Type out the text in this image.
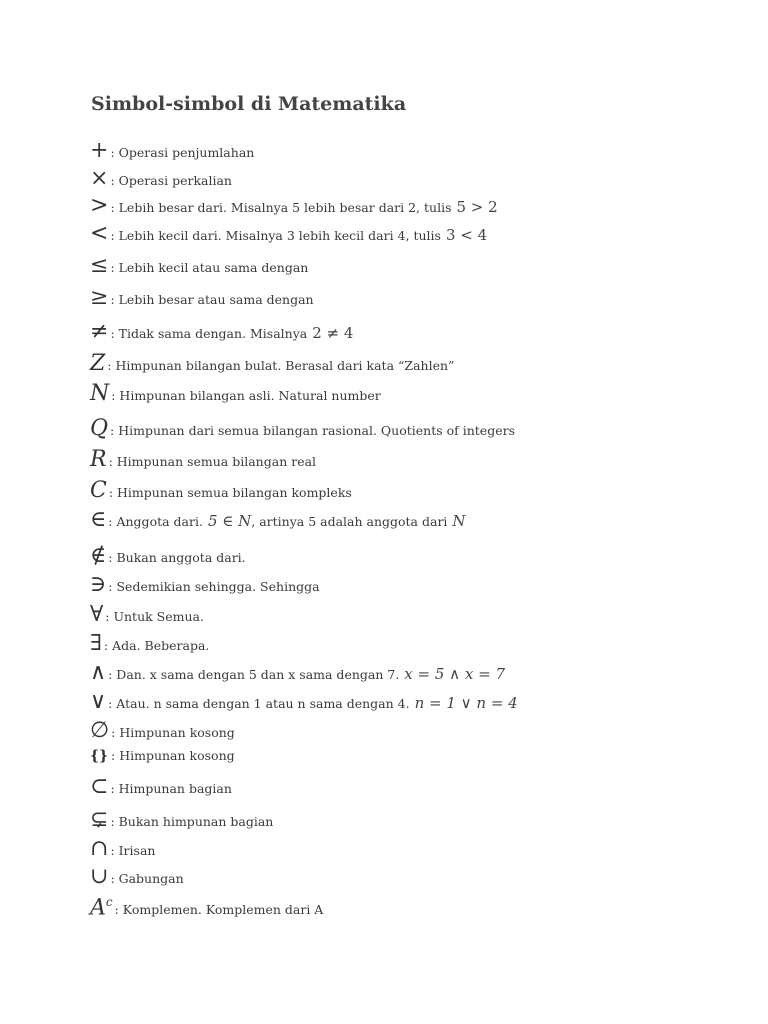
Simbol-simbol di Matematika
+ : Operasi penjumlahan
× : Operasi perkalian
> : Lebih besar dari. Misalnya 5 lebih besar dari 2, tulis 5 > 2
< : Lebih kecil dari. Misalnya 3 lebih kecil dari 4, tulis 3 < 4
≤ : Lebih kecil atau sama dengan
≥ : Lebih besar atau sama dengan
≠ : Tidak sama dengan. Misalnya 2 ≠ 4
Z : Himpunan bilangan bulat. Berasal dari kata “Zahlen”
N : Himpunan bilangan asli. Natural number
Q : Himpunan dari semua bilangan rasional. Quotients of integers
R : Himpunan semua bilangan real
C : Himpunan semua bilangan kompleks
∈ : Anggota dari. 5 ∈ N , artinya 5 adalah anggota dari N
∉ : Bukan anggota dari.
∋ : Sedemikian sehingga. Sehingga
∀ : Untuk Semua.
∃ : Ada. Beberapa.
∧ : Dan. x sama dengan 5 dan x sama dengan 7. x = 5 ∧ x = 7
∨ : Atau. n sama dengan 1 atau n sama dengan 4. n = 1 ∨ n = 4
∅ : Himpunan kosong
{} : Himpunan kosong
⊂ : Himpunan bagian
⊊ : Bukan himpunan bagian
∩ : Irisan
∪ : Gabungan
$A^c$
: Komplemen. Komplemen dari A
